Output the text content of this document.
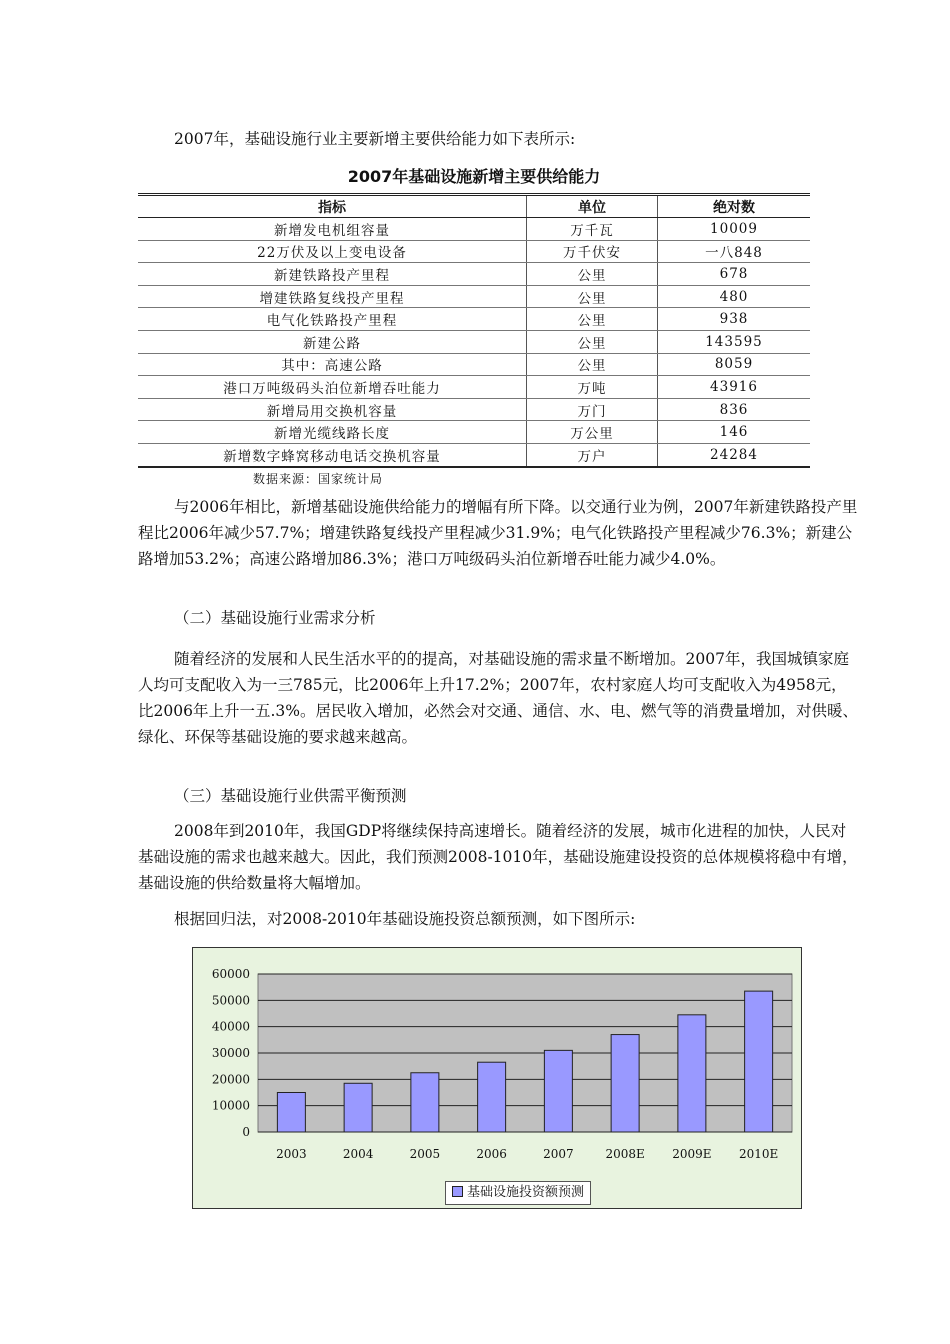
2007年，基础设施行业主要新增主要供给能力如下表所示:

2007年基础设施新增主要供给能力
指标	单位	绝对数
新增发电机组容量	万千瓦	10009
22万伏及以上变电设备	万千伏安	一八848
新建铁路投产里程	公里	678
增建铁路复线投产里程	公里	480
电气化铁路投产里程	公里	938
新建公路	公里	143595
其中：高速公路	公里	8059
港口万吨级码头泊位新增吞吐能力	万吨	43916
新增局用交换机容量	万门	836
新增光缆线路长度	万公里	146
新增数字蜂窝移动电话交换机容量	万户	24284
数据来源：国家统计局

与2006年相比，新增基础设施供给能力的增幅有所下降。以交通行业为例，2007年新建铁路投产里程比2006年减少57.7%；增建铁路复线投产里程减少31.9%；电气化铁路投产里程减少76.3%；新建公路增加53.2%；高速公路增加86.3%；港口万吨级码头泊位新增吞吐能力减少4.0%。

（二）基础设施行业需求分析

随着经济的发展和人民生活水平的的提高，对基础设施的需求量不断增加。2007年，我国城镇家庭人均可支配收入为一三785元，比2006年上升17.2%；2007年，农村家庭人均可支配收入为4958元，比2006年上升一五.3%。居民收入增加，必然会对交通、通信、水、电、燃气等的消费量增加，对供暖、绿化、环保等基础设施的要求越来越高。

（三）基础设施行业供需平衡预测

2008年到2010年，我国GDP将继续保持高速增长。随着经济的发展，城市化进程的加快，人民对基础设施的需求也越来越大。因此，我们预测2008-1010年，基础设施建设投资的总体规模将稳中有增，基础设施的供给数量将大幅增加。

根据回归法，对2008-2010年基础设施投资总额预测，如下图所示:

60000
50000
40000
30000
20000
10000
0
2003	2004	2005	2006	2007	2008E 2009E 2010E
基础设施投资额预测
